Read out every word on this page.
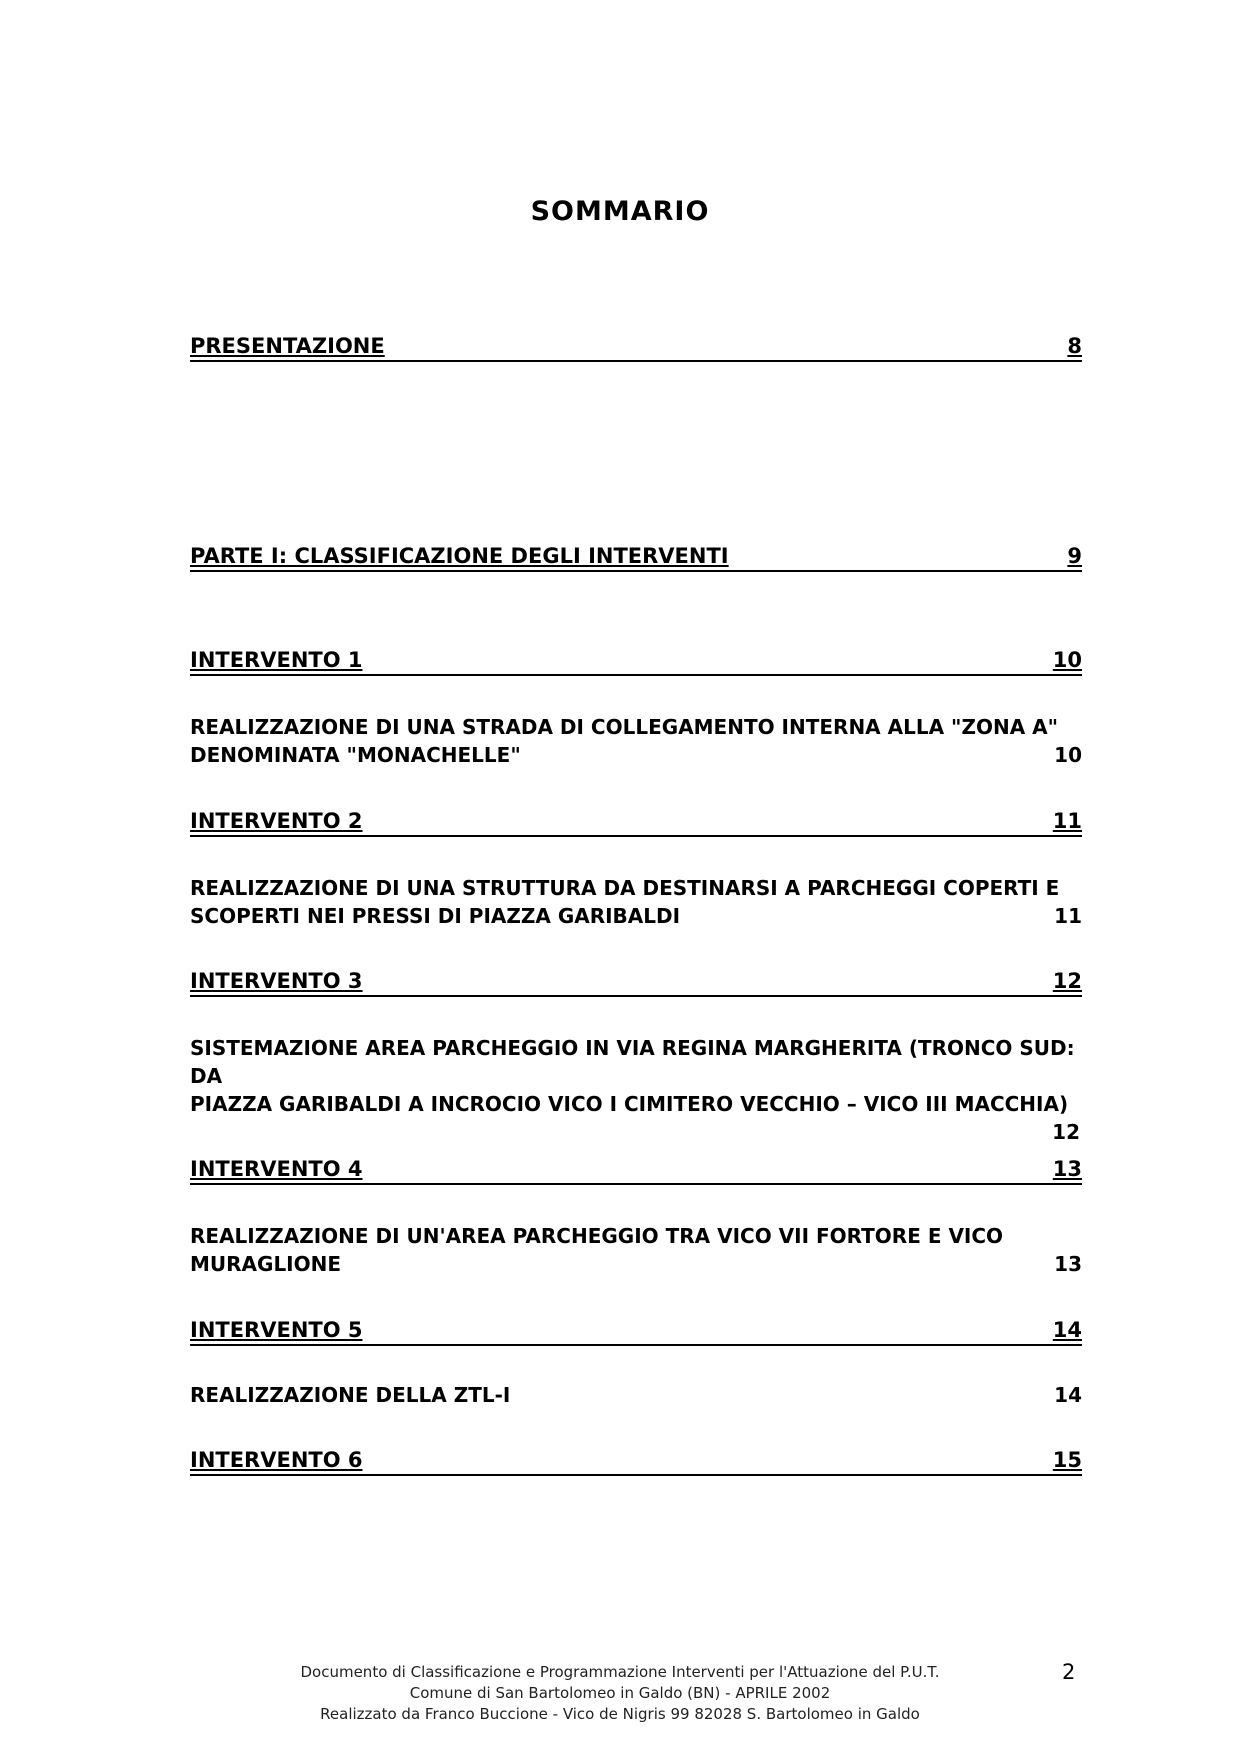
SOMMARIO
PRESENTAZIONE	8
PARTE I: CLASSIFICAZIONE DEGLI INTERVENTI	9
INTERVENTO 1	10
REALIZZAZIONE DI UNA STRADA DI COLLEGAMENTO INTERNA ALLA "ZONA A"
DENOMINATA "MONACHELLE"	10
INTERVENTO 2	11
REALIZZAZIONE DI UNA STRUTTURA DA DESTINARSI A PARCHEGGI COPERTI E
SCOPERTI NEI PRESSI DI PIAZZA GARIBALDI	11
INTERVENTO 3	12
SISTEMAZIONE AREA PARCHEGGIO IN VIA REGINA MARGHERITA (TRONCO SUD: DA
PIAZZA GARIBALDI A INCROCIO VICO I CIMITERO VECCHIO – VICO III MACCHIA)
12
INTERVENTO 4	13
REALIZZAZIONE DI UN'AREA PARCHEGGIO TRA VICO VII FORTORE E VICO
MURAGLIONE	13
INTERVENTO 5	14
REALIZZAZIONE DELLA ZTL-I	14
INTERVENTO 6	15
Documento di Classificazione e Programmazione Interventi per l'Attuazione del P.U.T.
Comune di San Bartolomeo in Galdo (BN) - APRILE 2002
Realizzato da Franco Buccione - Vico de Nigris 99 82028 S. Bartolomeo in Galdo
2
